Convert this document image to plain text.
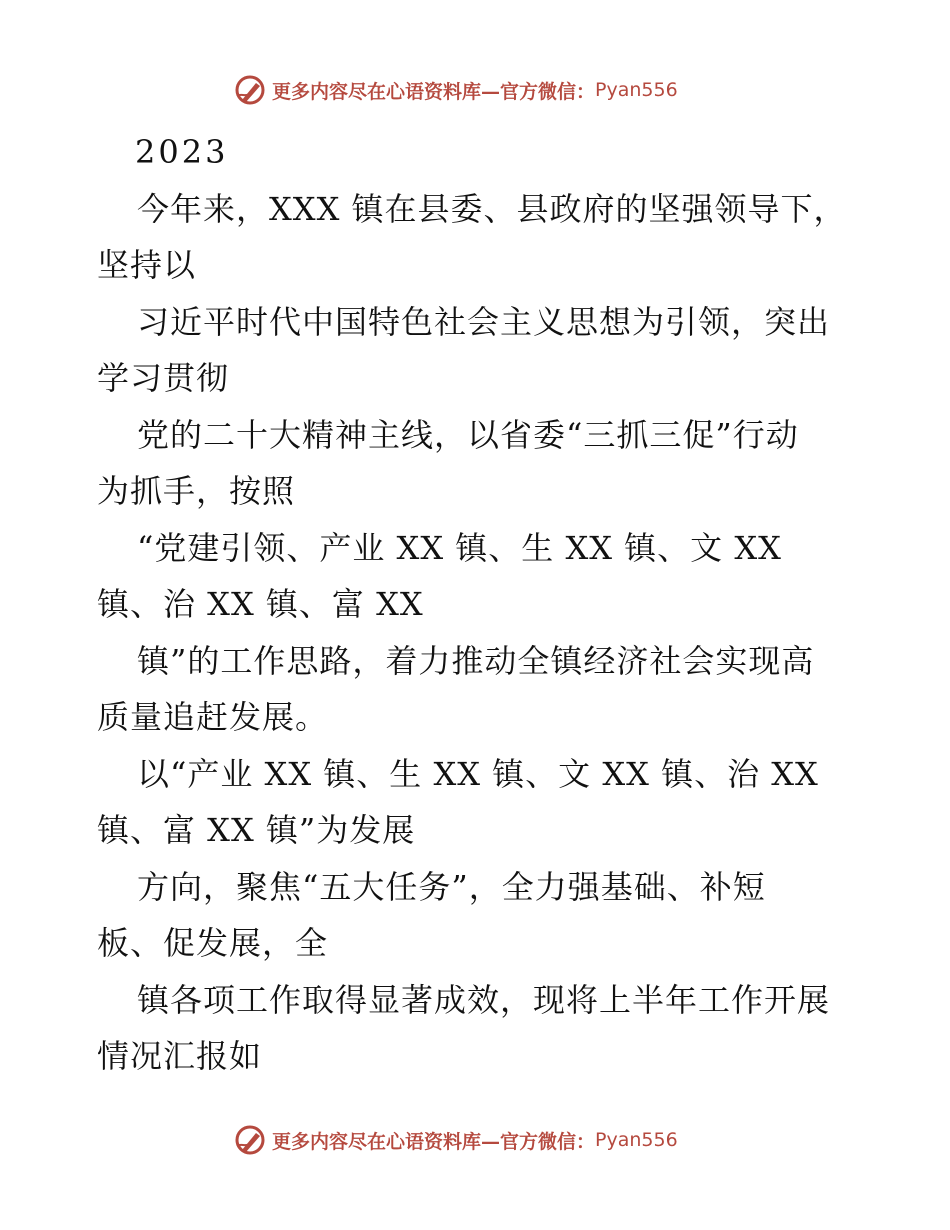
更多内容尽在心语资料库—官方微信： Pyan556
2023
今年来，XXX 镇在县委、县政府的坚强领导下，
坚持以
习近平时代中国特色社会主义思想为引领，突出
学习贯彻
党的二十大精神主线，以省委“三抓三促”行动
为抓手，按照
“党建引领、产业 XX 镇、生 XX 镇、文 XX
镇、治 XX 镇、富 XX
镇”的工作思路，着力推动全镇经济社会实现高
质量追赶发展。
以“产业 XX 镇、生 XX 镇、文 XX 镇、治 XX
镇、富 XX 镇”为发展
方向，聚焦“五大任务”，全力强基础、补短
板、促发展，全
镇各项工作取得显著成效，现将上半年工作开展
情况汇报如
更多内容尽在心语资料库—官方微信： Pyan556
